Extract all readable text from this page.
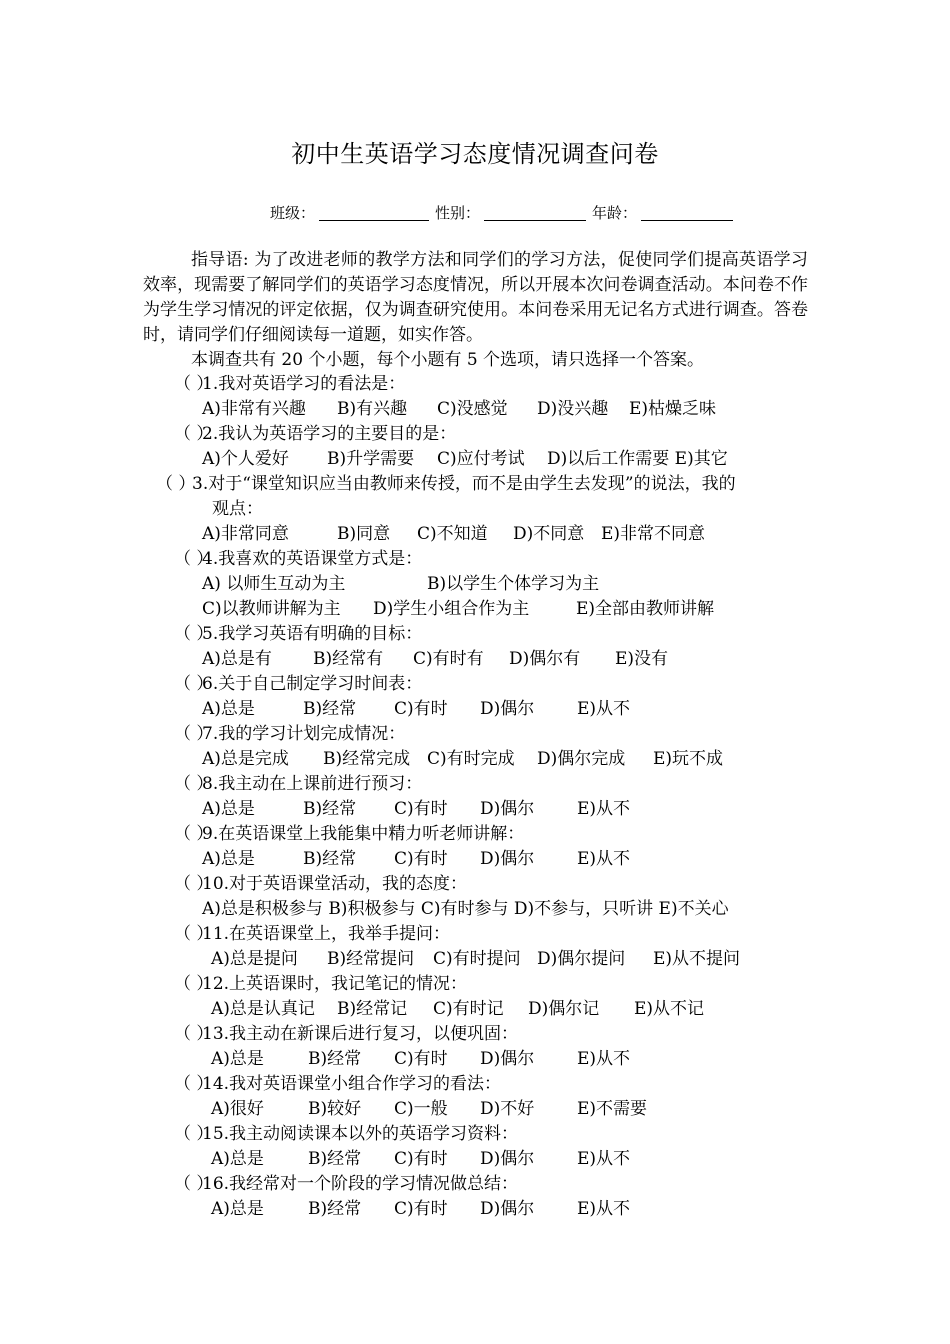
初中生英语学习态度情况调查问卷
班级：	性别：	年龄：

指导语: 为了改进老师的教学方法和同学们的学习方法，促使同学们提高英语学习效率，现需要了解同学们的英语学习态度情况，所以开展本次问卷调查活动。本问卷不作为学生学习情况的评定依据，仅为调查研究使用。本问卷采用无记名方式进行调查。答卷时，请同学们仔细阅读每一道题，如实作答。

本调查共有 20 个小题，每个小题有 5 个选项，请只选择一个答案。

（ ）1.我对英语学习的看法是：
A)非常有兴趣 B)有兴趣 C)没感觉 D)没兴趣 E)枯燥乏味
（ ）2.我认为英语学习的主要目的是：
A)个人爱好 B)升学需要 C)应付考试 D)以后工作需要 E)其它
（ ）3.对于“课堂知识应当由教师来传授，而不是由学生去发现”的说法，我的
观点：
A)非常同意	B)同意 C)不知道 D)不同意 E)非常不同意
（ ）4.我喜欢的英语课堂方式是：
A) 以师生互动为主	B)以学生个体学习为主
C)以教师讲解为主 D)学生小组合作为主	E)全部由教师讲解
（ ）5.我学习英语有明确的目标：
A)总是有 B)经常有 C)有时有 D)偶尔有 E)没有
（ ）6.关于自己制定学习时间表：
A)总是	B)经常 C)有时 D)偶尔	E)从不
（ ）7.我的学习计划完成情况：
A)总是完成 B)经常完成 C)有时完成 D)偶尔完成 E)玩不成
（ ）8.我主动在上课前进行预习：
A)总是	B)经常 C)有时 D)偶尔	E)从不
（ ）9.在英语课堂上我能集中精力听老师讲解：
A)总是	B)经常 C)有时 D)偶尔	E)从不
（ ）10.对于英语课堂活动，我的态度：
A)总是积极参与 B)积极参与 C)有时参与 D)不参与，只听讲 E)不关心
（ ）11.在英语课堂上，我举手提问：
A)总是提问 B)经常提问 C)有时提问 D)偶尔提问 E)从不提问
（ ）12.上英语课时，我记笔记的情况：
A)总是认真记 B)经常记 C)有时记 D)偶尔记 E)从不记
（ ）13.我主动在新课后进行复习，以便巩固：
A)总是	B)经常 C)有时 D)偶尔	E)从不
（ ）14.我对英语课堂小组合作学习的看法：
A)很好	B)较好 C)一般 D)不好	E)不需要
（ ）15.我主动阅读课本以外的英语学习资料：
A)总是	B)经常 C)有时 D)偶尔	E)从不
（ ）16.我经常对一个阶段的学习情况做总结：
A)总是	B)经常 C)有时 D)偶尔	E)从不
